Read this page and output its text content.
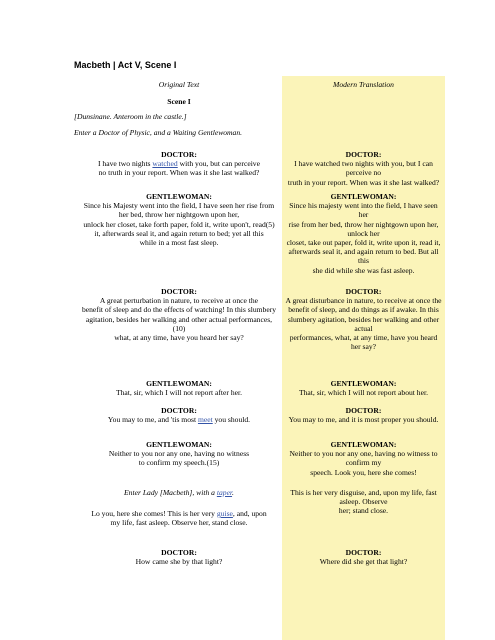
Macbeth | Act V, Scene I
Original Text
Scene I
[Dunsinane. Anteroom in the castle.]
Enter a Doctor of Physic, and a Waiting Gentlewoman.
DOCTOR:
I have two nights watched with you, but can perceive
no truth in your report. When was it she last walked?
GENTLEWOMAN:
Since his Majesty went into the field, I have seen her rise from her bed, throw her nightgown upon her,
unlock her closet, take forth paper, fold it, write upon't, read(5)
it, afterwards seal it, and again return to bed; yet all this
while in a most fast sleep.
DOCTOR:
A great perturbation in nature, to receive at once the
benefit of sleep and do the effects of watching! In this slumbery
agitation, besides her walking and other actual performances,(10)
what, at any time, have you heard her say?
GENTLEWOMAN:
That, sir, which I will not report after her.
DOCTOR:
You may to me, and 'tis most meet you should.
GENTLEWOMAN:
Neither to you nor any one, having no witness
to confirm my speech.(15)
Enter Lady [Macbeth], with a taper.
Lo you, here she comes! This is her very guise, and, upon
my life, fast asleep. Observe her, stand close.
DOCTOR:
How came she by that light?
Modern Translation
DOCTOR:
I have watched two nights with you, but I can perceive no
truth in your report. When was it she last walked?
GENTLEWOMAN:
Since his majesty went into the field, I have seen her
rise from her bed, throw her nightgown upon her, unlock her
closet, take out paper, fold it, write upon it, read it,
afterwards seal it, and again return to bed. But all this
she did while she was fast asleep.
DOCTOR:
A great disturbance in nature, to receive at once the
benefit of sleep, and do things as if awake. In this
slumbery agitation, besides her walking and other actual
performances, what, at any time, have you heard her say?
GENTLEWOMAN:
That, sir, which I will not report about her.
DOCTOR:
You may to me, and it is most proper you should.
GENTLEWOMAN:
Neither to you nor any one, having no witness to confirm my
speech. Look you, here she comes!
This is her very disguise, and, upon my life, fast asleep. Observe
her; stand close.
DOCTOR:
Where did she get that light?
